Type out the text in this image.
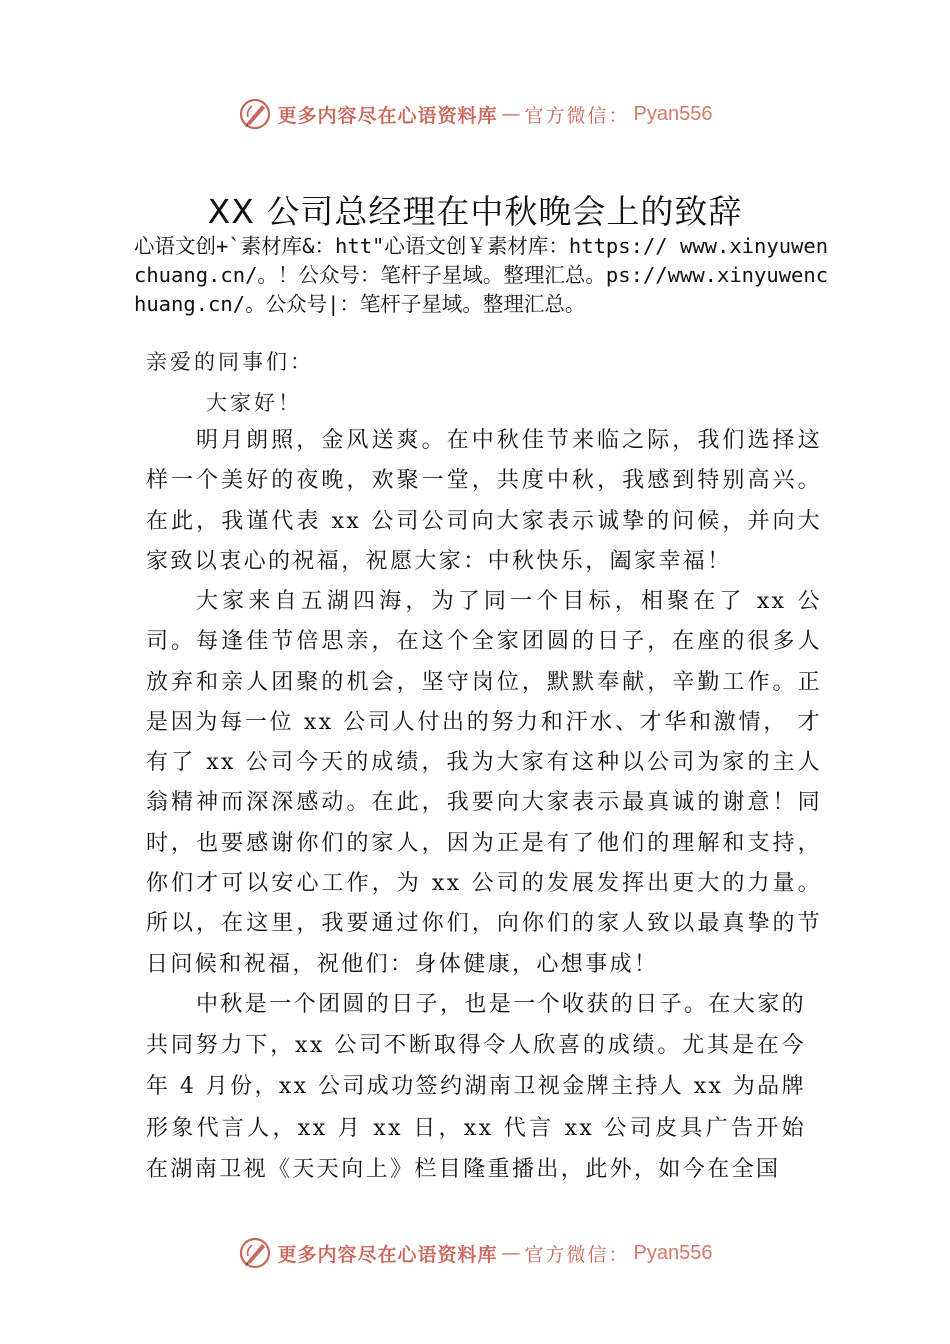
更多内容尽在心语资料库 — 官方微信： Pyan556
XX 公司总经理在中秋晚会上的致辞
心语文创+`素材库&：htt"心语文创￥素材库：https:// www.xinyuwenchuang.cn/。！公众号：笔杆子星域。整理汇总。ps://www.xinyuwenchuang.cn/。公众号|：笔杆子星域。整理汇总。
亲爱的同事们：
大家好！

明月朗照，金风送爽。在中秋佳节来临之际，我们选择这样一个美好的夜晚，欢聚一堂，共度中秋，我感到特别高兴。在此，我谨代表 xx 公司公司向大家表示诚挚的问候，并向大家致以衷心的祝福，祝愿大家：中秋快乐，阖家幸福！

大家来自五湖四海，为了同一个目标，相聚在了 xx 公司。每逢佳节倍思亲，在这个全家团圆的日子，在座的很多人放弃和亲人团聚的机会，坚守岗位，默默奉献，辛勤工作。正是因为每一位 xx 公司人付出的努力和汗水、才华和激情， 才有了 xx 公司今天的成绩，我为大家有这种以公司为家的主人翁精神而深深感动。在此，我要向大家表示最真诚的谢意！同时，也要感谢你们的家人，因为正是有了他们的理解和支持，你们才可以安心工作，为 xx 公司的发展发挥出更大的力量。所以，在这里，我要通过你们，向你们的家人致以最真挚的节日问候和祝福，祝他们：身体健康，心想事成！

中秋是一个团圆的日子，也是一个收获的日子。在大家的共同努力下，xx 公司不断取得令人欣喜的成绩。尤其是在今年 4 月份，xx 公司成功签约湖南卫视金牌主持人 xx 为品牌形象代言人，xx 月 xx 日，xx 代言 xx 公司皮具广告开始在湖南卫视《天天向上》栏目隆重播出，此外，如今在全国

更多内容尽在心语资料库 — 官方微信： Pyan556
